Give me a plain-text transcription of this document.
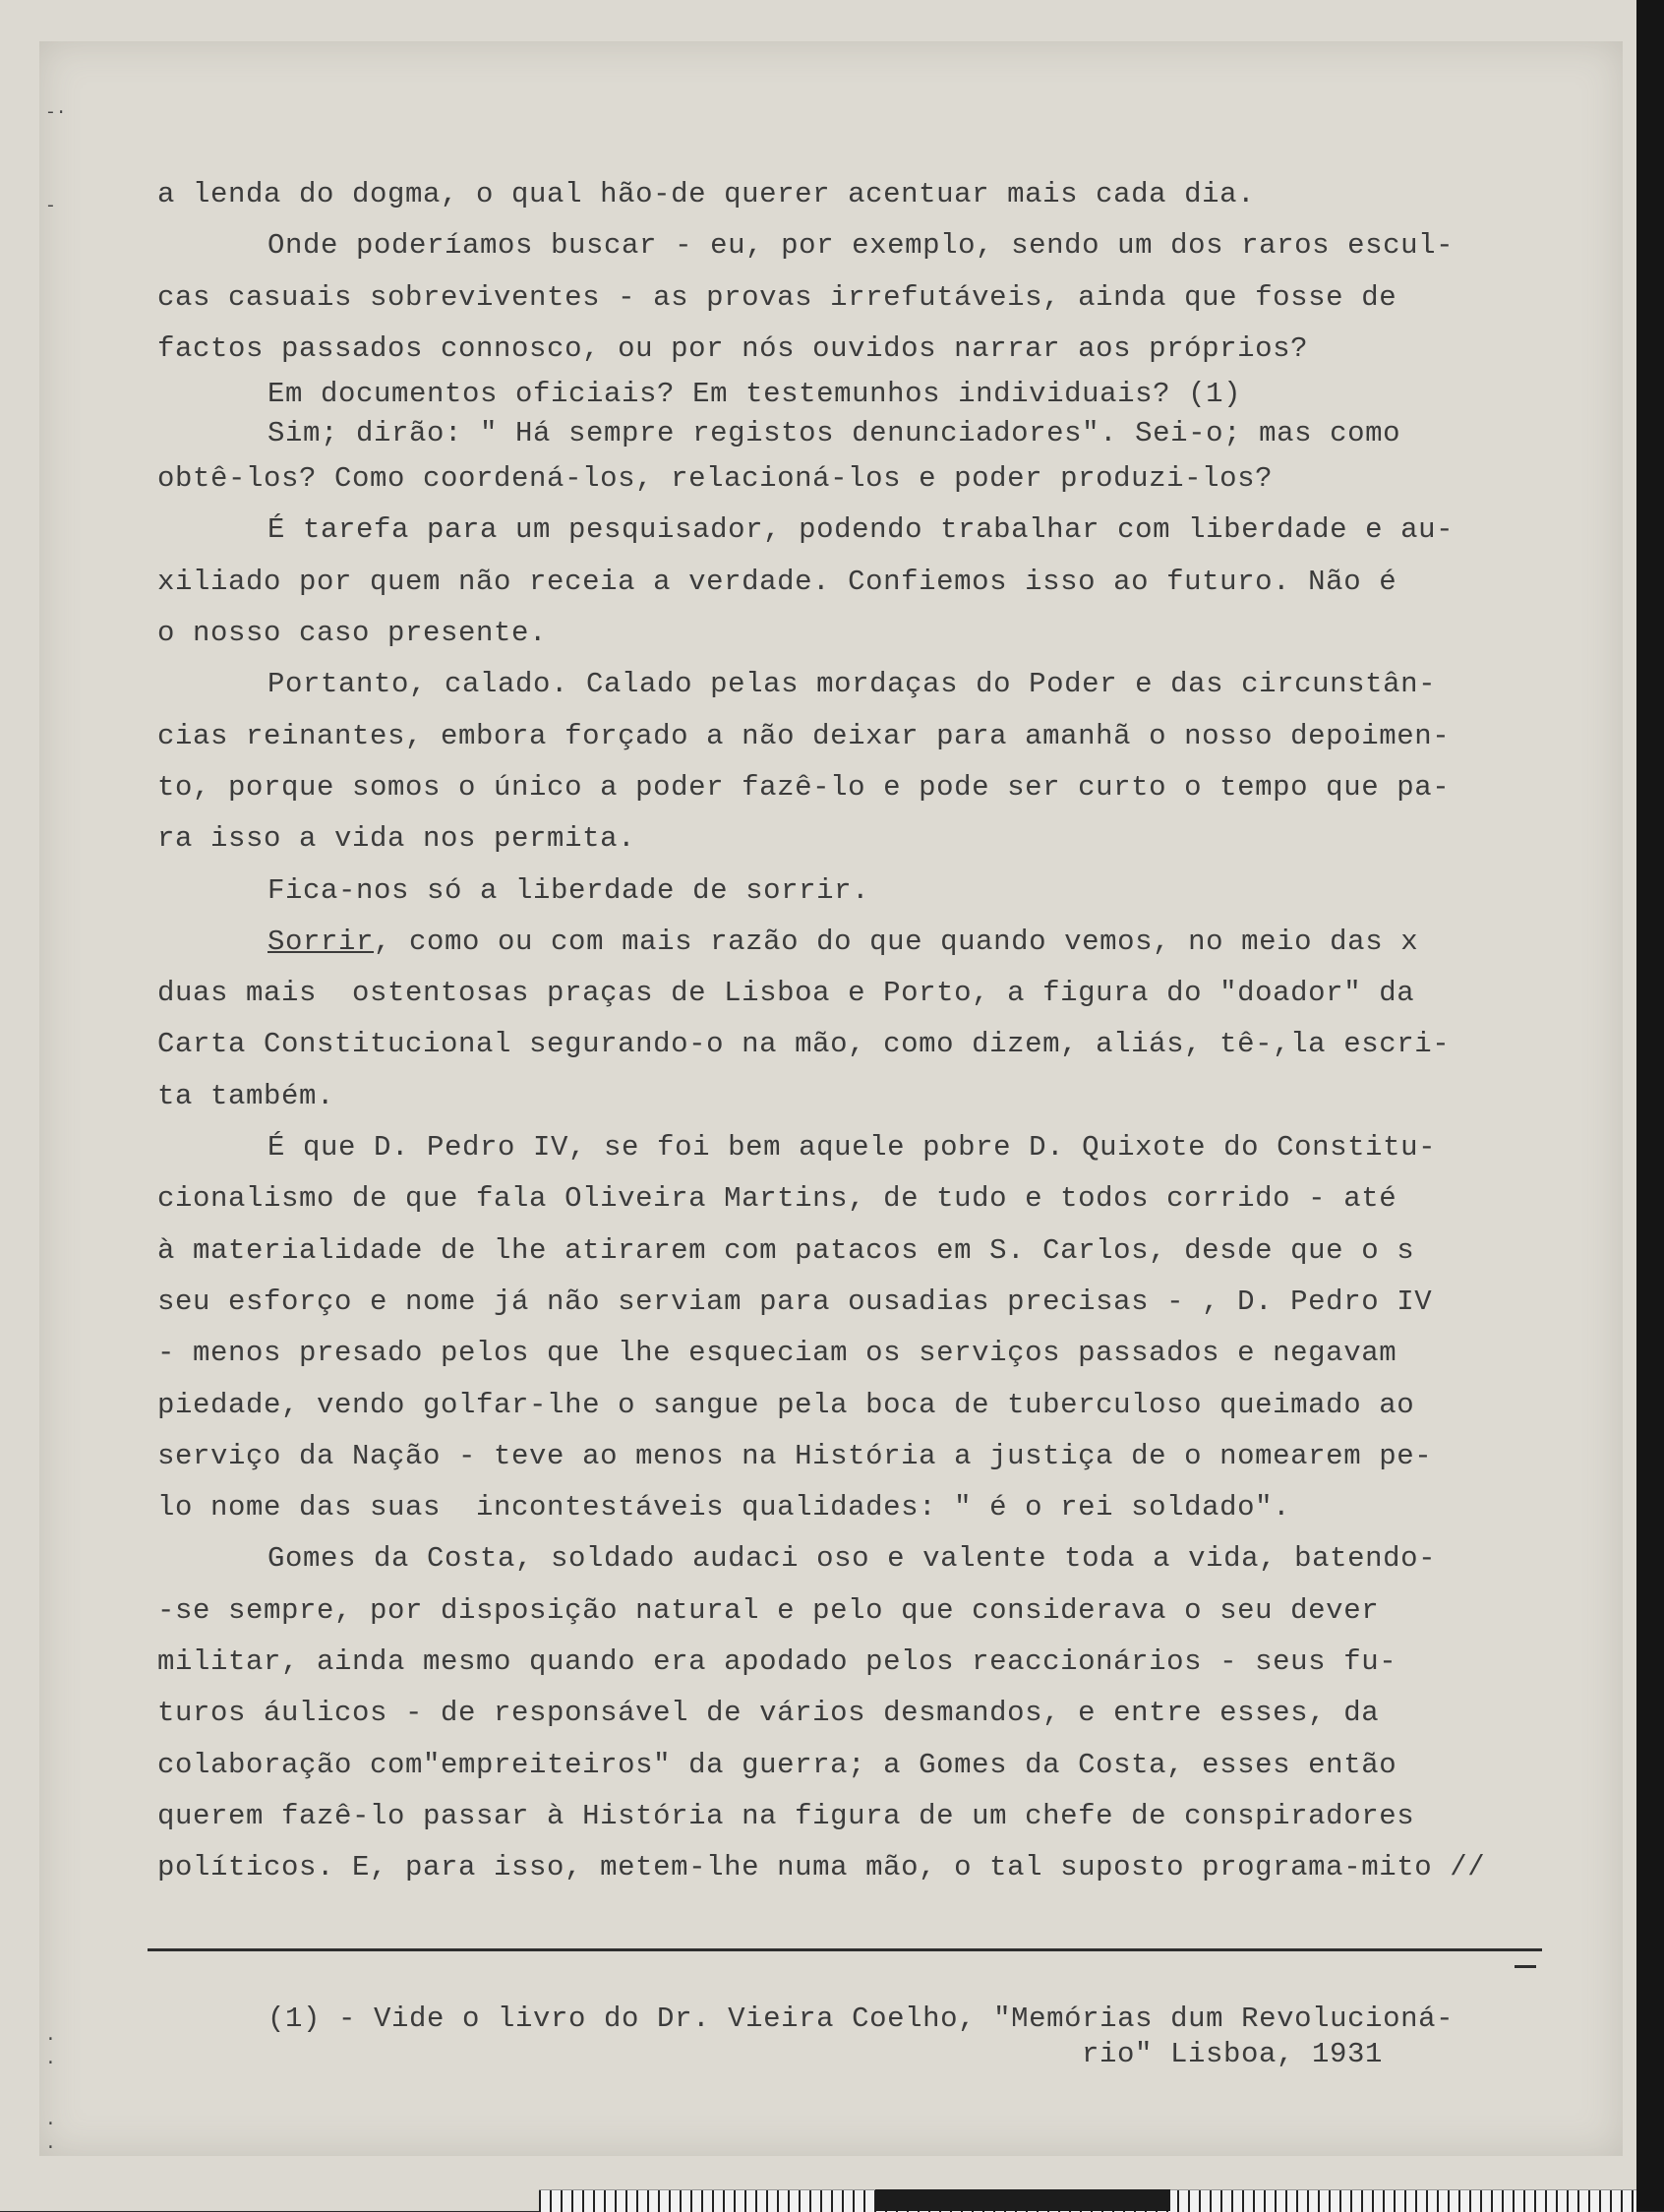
-·
-
·
·
·
·
a lenda do dogma, o qual hão-de querer acentuar mais cada dia.
Onde poderíamos buscar - eu, por exemplo, sendo um dos raros escul-
cas casuais sobreviventes - as provas irrefutáveis, ainda que fosse de
factos passados connosco, ou por nós ouvidos narrar aos próprios?
Em documentos oficiais? Em testemunhos individuais? (1)
Sim; dirão: " Há sempre registos denunciadores". Sei-o; mas como
obtê-los? Como coordená-los, relacioná-los e poder produzi-los?
É tarefa para um pesquisador, podendo trabalhar com liberdade e au-
xiliado por quem não receia a verdade. Confiemos isso ao futuro. Não é
o nosso caso presente.
Portanto, calado. Calado pelas mordaças do Poder e das circunstân-
cias reinantes, embora forçado a não deixar para amanhã o nosso depoimen-
to, porque somos o único a poder fazê-lo e pode ser curto o tempo que pa-
ra isso a vida nos permita.
Fica-nos só a liberdade de sorrir.
Sorrir, como ou com mais razão do que quando vemos, no meio das x
duas mais  ostentosas praças de Lisboa e Porto, a figura do "doador" da
Carta Constitucional segurando-o na mão, como dizem, aliás, tê-,la escri-
ta também.
É que D. Pedro IV, se foi bem aquele pobre D. Quixote do Constitu-
cionalismo de que fala Oliveira Martins, de tudo e todos corrido - até
à materialidade de lhe atirarem com patacos em S. Carlos, desde que o s
seu esforço e nome já não serviam para ousadias precisas - , D. Pedro IV
- menos presado pelos que lhe esqueciam os serviços passados e negavam
piedade, vendo golfar-lhe o sangue pela boca de tuberculoso queimado ao
serviço da Nação - teve ao menos na História a justiça de o nomearem pe-
lo nome das suas  incontestáveis qualidades: " é o rei soldado".
Gomes da Costa, soldado audaci oso e valente toda a vida, batendo-
-se sempre, por disposição natural e pelo que considerava o seu dever
militar, ainda mesmo quando era apodado pelos reaccionários - seus fu-
turos áulicos - de responsável de vários desmandos, e entre esses, da
colaboração com"empreiteiros" da guerra; a Gomes da Costa, esses então
querem fazê-lo passar à História na figura de um chefe de conspiradores
políticos. E, para isso, metem-lhe numa mão, o tal suposto programa-mito //
(1) - Vide o livro do Dr. Vieira Coelho, "Memórias dum Revolucioná-
rio" Lisboa, 1931
